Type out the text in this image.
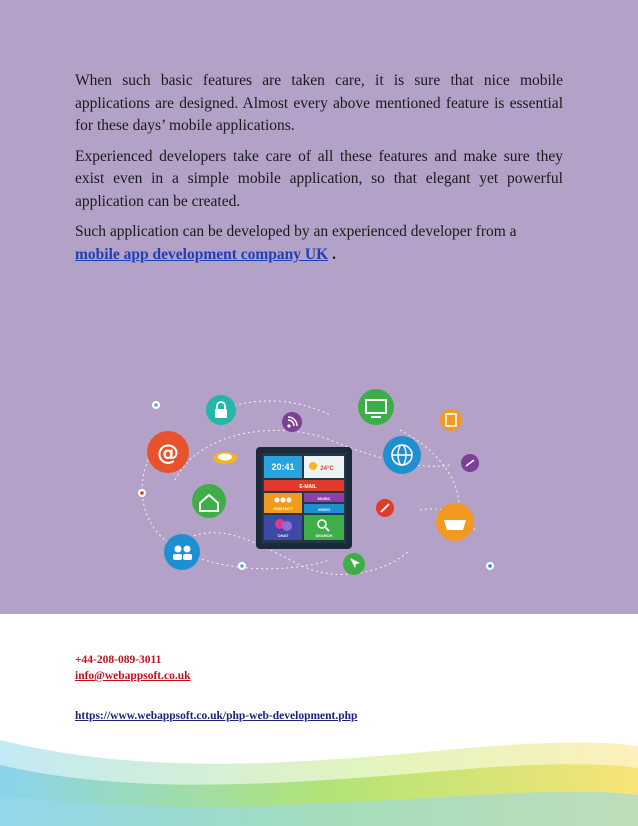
When such basic features are taken care, it is sure that nice mobile applications are designed. Almost every above mentioned feature is essential for these days’ mobile applications.

Experienced developers take care of all these features and make sure they exist even in a simple mobile application, so that elegant yet powerful application can be created.

Such application can be developed by an experienced developer from a mobile app development company UK .

20:41	24°C
E-MAIL
CONTACT
MUSIC
VIDEO
CHAT	SEARCH
@
+44-208-089-3011
info@webappsoft.co.uk
https://www.webappsoft.co.uk/php-web-development.php
